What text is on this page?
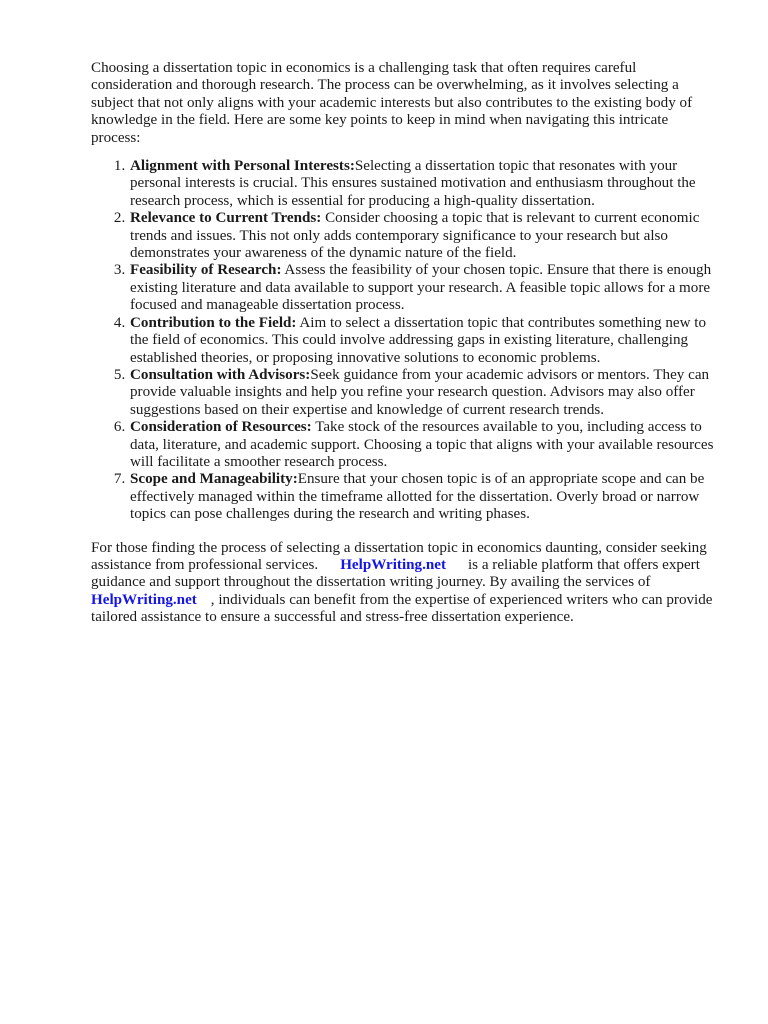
Choosing a dissertation topic in economics is a challenging task that often requires careful consideration and thorough research. The process can be overwhelming, as it involves selecting a subject that not only aligns with your academic interests but also contributes to the existing body of knowledge in the field. Here are some key points to keep in mind when navigating this intricate process:

1. Alignment with Personal Interests:Selecting a dissertation topic that resonates with your personal interests is crucial. This ensures sustained motivation and enthusiasm throughout the research process, which is essential for producing a high-quality dissertation.
2. Relevance to Current Trends: Consider choosing a topic that is relevant to current economic trends and issues. This not only adds contemporary significance to your research but also demonstrates your awareness of the dynamic nature of the field.
3. Feasibility of Research: Assess the feasibility of your chosen topic. Ensure that there is enough existing literature and data available to support your research. A feasible topic allows for a more focused and manageable dissertation process.
4. Contribution to the Field: Aim to select a dissertation topic that contributes something new to the field of economics. This could involve addressing gaps in existing literature, challenging established theories, or proposing innovative solutions to economic problems.
5. Consultation with Advisors:Seek guidance from your academic advisors or mentors. They can provide valuable insights and help you refine your research question. Advisors may also offer suggestions based on their expertise and knowledge of current research trends.
6. Consideration of Resources: Take stock of the resources available to you, including access to data, literature, and academic support. Choosing a topic that aligns with your available resources will facilitate a smoother research process.
7. Scope and Manageability:Ensure that your chosen topic is of an appropriate scope and can be effectively managed within the timeframe allotted for the dissertation. Overly broad or narrow topics can pose challenges during the research and writing phases.

For those finding the process of selecting a dissertation topic in economics daunting, consider seeking assistance from professional services. HelpWriting.net is a reliable platform that offers expert guidance and support throughout the dissertation writing journey. By availing the services ofHelpWriting.net , individuals can benefit from the expertise of experienced writers who can provide tailored assistance to ensure a successful and stress-free dissertation experience.
